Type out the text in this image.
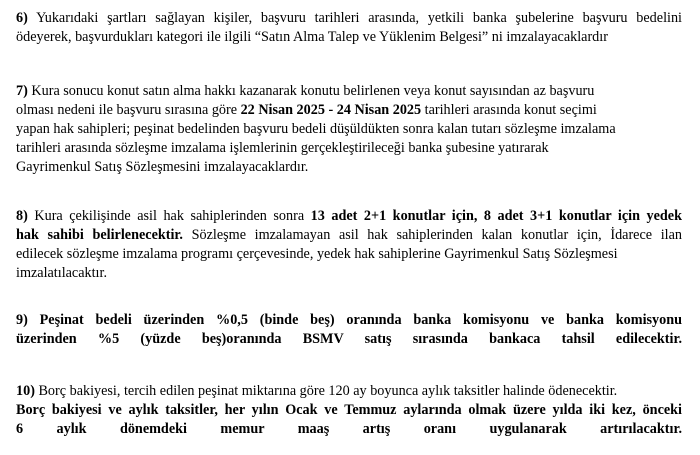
6) Yukarıdaki şartları sağlayan kişiler, başvuru tarihleri arasında, yetkili banka şubelerine başvuru bedelini
ödeyerek, başvurdukları kategori ile ilgili “Satın Alma Talep ve Yüklenim Belgesi” ni imzalayacaklardır

7) Kura sonucu konut satın alma hakkı kazanarak konutu belirlenen veya konut sayısından az başvuru
olması nedeni ile başvuru sırasına göre 22 Nisan 2025 - 24 Nisan 2025 tarihleri arasında konut seçimi
yapan hak sahipleri; peşinat bedelinden başvuru bedeli düşüldükten sonra kalan tutarı sözleşme imzalama
tarihleri arasında sözleşme imzalama işlemlerinin gerçekleştirileceği banka şubesine yatırarak
Gayrimenkul Satış Sözleşmesini imzalayacaklardır.

8) Kura çekilişinde asil hak sahiplerinden sonra 13 adet 2+1 konutlar için, 8 adet 3+1 konutlar için yedek
hak sahibi belirlenecektir. Sözleşme imzalamayan asil hak sahiplerinden kalan konutlar için, İdarece ilan
edilecek sözleşme imzalama programı çerçevesinde, yedek hak sahiplerine Gayrimenkul Satış Sözleşmesi
imzalatılacaktır.

9) Peşinat bedeli üzerinden %0,5 (binde beş) oranında banka komisyonu ve banka komisyonu
üzerinden %5 (yüzde beş)oranında BSMV satış sırasında bankaca tahsil edilecektir.

10) Borç bakiyesi, tercih edilen peşinat miktarına göre 120 ay boyunca aylık taksitler halinde ödenecektir.
Borç bakiyesi ve aylık taksitler, her yılın Ocak ve Temmuz aylarında olmak üzere yılda iki kez, önceki
6 aylık dönemdeki memur maaş artış oranı uygulanarak artırılacaktır.
